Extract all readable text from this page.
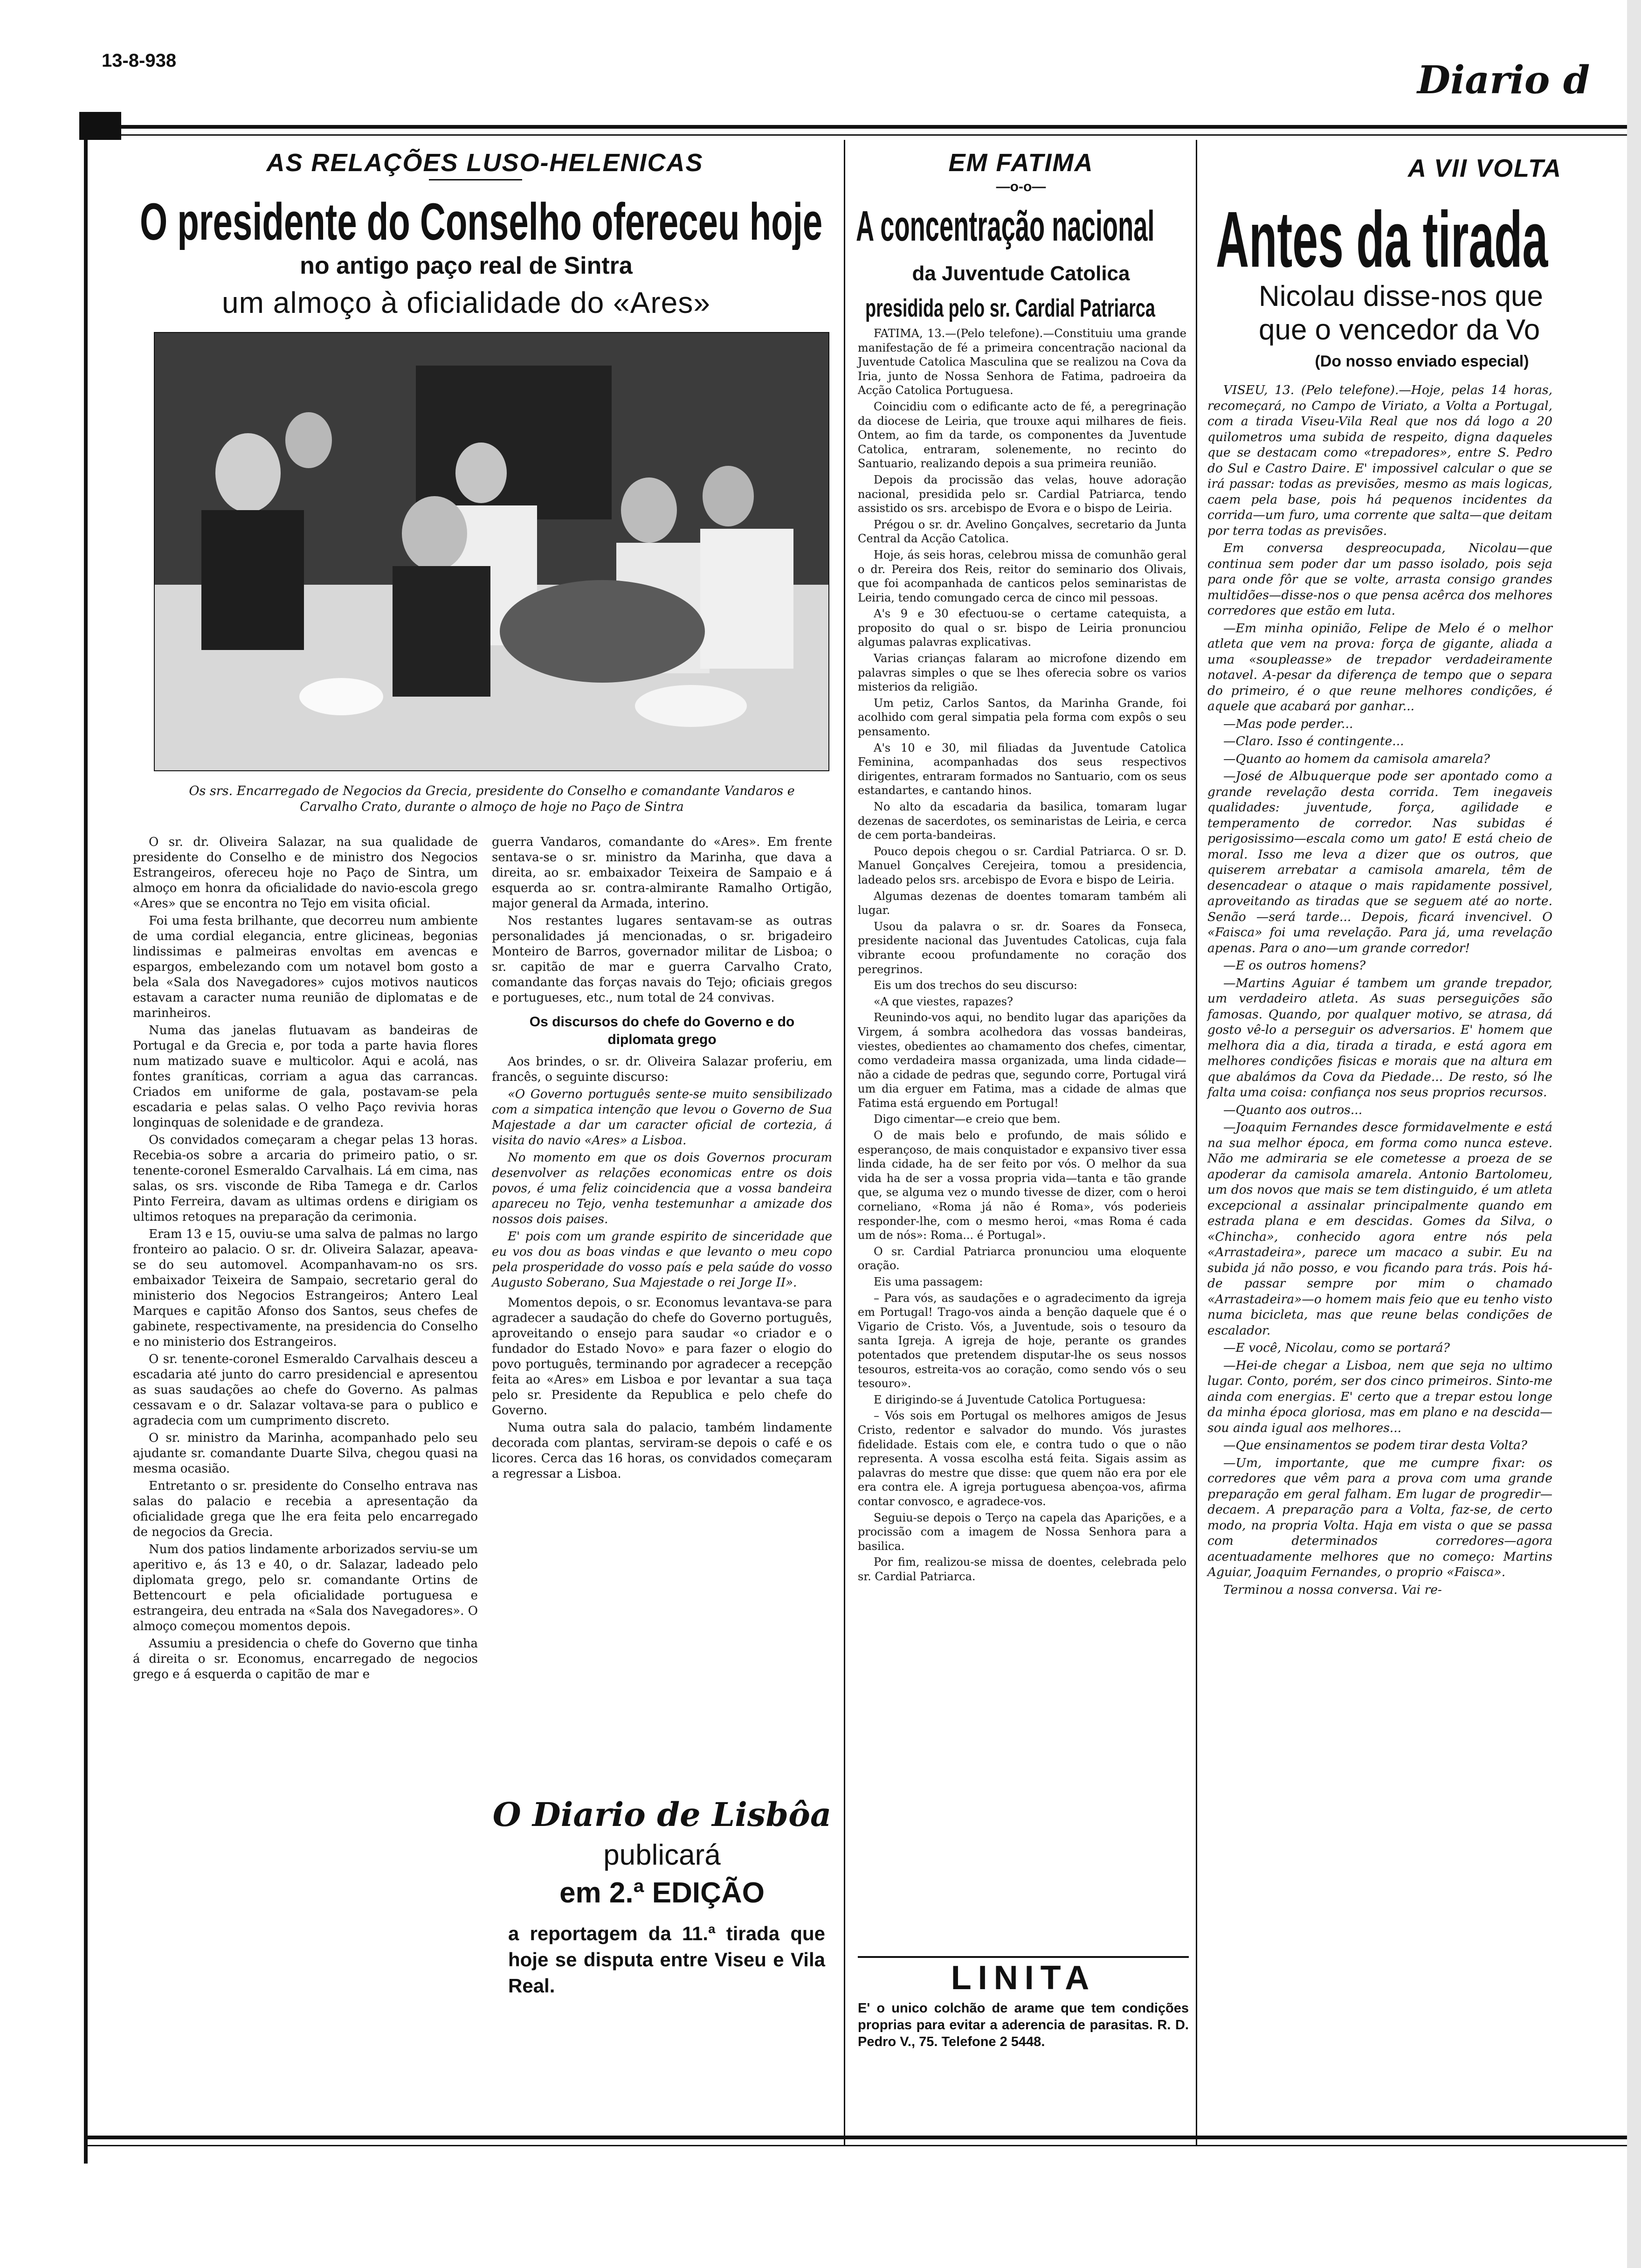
13-8-938	Diario d
AS RELAÇÕES LUSO-HELENICAS
O presidente do Conselho ofereceu hoje
no antigo paço real de Sintra
um almoço à oficialidade do «Ares»
Os srs. Encarregado de Negocios da Grecia, presidente do Conselho e comandante Vandaros e Carvalho Crato, durante o almoço de hoje no Paço de Sintra

O sr. dr. Oliveira Salazar, na sua qualidade de presidente do Conselho e de ministro dos Negocios Estrangeiros, ofereceu hoje no Paço de Sintra, um almoço em honra da oficialidade do navio-escola grego «Ares» que se encontra no Tejo em visita oficial.

Foi uma festa brilhante, que decorreu num ambiente de uma cordial elegancia, entre glicineas, begonias lindissimas e palmeiras envoltas em avencas e espargos, embelezando com um notavel bom gosto a bela «Sala dos Navegadores» cujos motivos nauticos estavam a caracter numa reunião de diplomatas e de marinheiros.

Numa das janelas flutuavam as bandeiras de Portugal e da Grecia e, por toda a parte havia flores num matizado suave e multicolor. Aqui e acolá, nas fontes graníticas, corriam a agua das carrancas. Criados em uniforme de gala, postavam-se pela escadaria e pelas salas. O velho Paço revivia horas longinquas de solenidade e de grandeza.

Os convidados começaram a chegar pelas 13 horas. Recebia-os sobre a arcaria do primeiro patio, o sr. tenente-coronel Esmeraldo Carvalhais. Lá em cima, nas salas, os srs. visconde de Riba Tamega e dr. Carlos Pinto Ferreira, davam as ultimas ordens e dirigiam os ultimos retoques na preparação da cerimonia.

Eram 13 e 15, ouviu-se uma salva de palmas no largo fronteiro ao palacio. O sr. dr. Oliveira Salazar, apeava-se do seu automovel. Acompanhavam-no os srs. embaixador Teixeira de Sampaio, secretario geral do ministerio dos Negocios Estrangeiros; Antero Leal Marques e capitão Afonso dos Santos, seus chefes de gabinete, respectivamente, na presidencia do Conselho e no ministerio dos Estrangeiros.

O sr. tenente-coronel Esmeraldo Carvalhais desceu a escadaria até junto do carro presidencial e apresentou as suas saudações ao chefe do Governo. As palmas cessavam e o dr. Salazar voltava-se para o publico e agradecia com um cumprimento discreto.

O sr. ministro da Marinha, acompanhado pelo seu ajudante sr. comandante Duarte Silva, chegou quasi na mesma ocasião.

Entretanto o sr. presidente do Conselho entrava nas salas do palacio e recebia a apresentação da oficialidade grega que lhe era feita pelo encarregado de negocios da Grecia.

Num dos patios lindamente arborizados serviu-se um aperitivo e, ás 13 e 40, o dr. Salazar, ladeado pelo diplomata grego, pelo sr. comandante Ortins de Bettencourt e pela oficialidade portuguesa e estrangeira, deu entrada na «Sala dos Navegadores». O almoço começou momentos depois.

Assumiu a presidencia o chefe do Governo que tinha á direita o sr. Economus, encarregado de negocios grego e á esquerda o capitão de mar e

guerra Vandaros, comandante do «Ares». Em frente sentava-se o sr. ministro da Marinha, que dava a direita, ao sr. embaixador Teixeira de Sampaio e á esquerda ao sr. contra-almirante Ramalho Ortigão, major general da Armada, interino.

Nos restantes lugares sentavam-se as outras personalidades já mencionadas, o sr. brigadeiro Monteiro de Barros, governador militar de Lisboa; o sr. capitão de mar e guerra Carvalho Crato, comandante das forças navais do Tejo; oficiais gregos e portugueses, etc., num total de 24 convivas.

Os discursos do chefe do Governo e do diplomata grego

Aos brindes, o sr. dr. Oliveira Salazar proferiu, em francês, o seguinte discurso:

«O Governo português sente-se muito sensibilizado com a simpatica intenção que levou o Governo de Sua Majestade a dar um caracter oficial de cortezia, á visita do navio «Ares» a Lisboa.

No momento em que os dois Governos procuram desenvolver as relações economicas entre os dois povos, é uma feliz coincidencia que a vossa bandeira apareceu no Tejo, venha testemunhar a amizade dos nossos dois paises.

E' pois com um grande espirito de sinceridade que eu vos dou as boas vindas e que levanto o meu copo pela prosperidade do vosso país e pela saúde do vosso Augusto Soberano, Sua Majestade o rei Jorge II».

Momentos depois, o sr. Economus levantava-se para agradecer a saudação do chefe do Governo português, aproveitando o ensejo para saudar «o criador e o fundador do Estado Novo» e para fazer o elogio do povo português, terminando por agradecer a recepção feita ao «Ares» em Lisboa e por levantar a sua taça pelo sr. Presidente da Republica e pelo chefe do Governo.

Numa outra sala do palacio, também lindamente decorada com plantas, serviram-se depois o café e os licores. Cerca das 16 horas, os convidados começaram a regressar a Lisboa.

O Diario de Lisbôa
publicará
em 2.ª EDIÇÃO
a reportagem da 11.ª tirada que hoje se disputa entre Viseu e Vila Real.
EM FATIMA
—o-o—
A concentração nacional
da Juventude Catolica
presidida pelo sr. Cardial Patriarca

FATIMA, 13.—(Pelo telefone).—Constituiu uma grande manifestação de fé a primeira concentração nacional da Juventude Catolica Masculina que se realizou na Cova da Iria, junto de Nossa Senhora de Fatima, padroeira da Acção Catolica Portuguesa.

Coincidiu com o edificante acto de fé, a peregrinação da diocese de Leiria, que trouxe aqui milhares de fieis. Ontem, ao fim da tarde, os componentes da Juventude Catolica, entraram, solenemente, no recinto do Santuario, realizando depois a sua primeira reunião.

Depois da procissão das velas, houve adoração nacional, presidida pelo sr. Cardial Patriarca, tendo assistido os srs. arcebispo de Evora e o bispo de Leiria.

Prégou o sr. dr. Avelino Gonçalves, secretario da Junta Central da Acção Catolica.

Hoje, ás seis horas, celebrou missa de comunhão geral o dr. Pereira dos Reis, reitor do seminario dos Olivais, que foi acompanhada de canticos pelos seminaristas de Leiria, tendo comungado cerca de cinco mil pessoas.

A's 9 e 30 efectuou-se o certame catequista, a proposito do qual o sr. bispo de Leiria pronunciou algumas palavras explicativas.

Varias crianças falaram ao microfone dizendo em palavras simples o que se lhes oferecia sobre os varios misterios da religião.

Um petiz, Carlos Santos, da Marinha Grande, foi acolhido com geral simpatia pela forma com expôs o seu pensamento.

A's 10 e 30, mil filiadas da Juventude Catolica Feminina, acompanhadas dos seus respectivos dirigentes, entraram formados no Santuario, com os seus estandartes, e cantando hinos.

No alto da escadaria da basilica, tomaram lugar dezenas de sacerdotes, os seminaristas de Leiria, e cerca de cem porta-bandeiras.

Pouco depois chegou o sr. Cardial Patriarca. O sr. D. Manuel Gonçalves Cerejeira, tomou a presidencia, ladeado pelos srs. arcebispo de Evora e bispo de Leiria.

Algumas dezenas de doentes tomaram também ali lugar.

Usou da palavra o sr. dr. Soares da Fonseca, presidente nacional das Juventudes Catolicas, cuja fala vibrante ecoou profundamente no coração dos peregrinos.

Eis um dos trechos do seu discurso:

«A que viestes, rapazes?

Reunindo-vos aqui, no bendito lugar das aparições da Virgem, á sombra acolhedora das vossas bandeiras, viestes, obedientes ao chamamento dos chefes, cimentar, como verdadeira massa organizada, uma linda cidade—não a cidade de pedras que, segundo corre, Portugal virá um dia erguer em Fatima, mas a cidade de almas que Fatima está erguendo em Portugal!

Digo cimentar—e creio que bem.

O de mais belo e profundo, de mais sólido e esperançoso, de mais conquistador e expansivo tiver essa linda cidade, ha de ser feito por vós. O melhor da sua vida ha de ser a vossa propria vida—tanta e tão grande que, se alguma vez o mundo tivesse de dizer, com o heroi corneliano, «Roma já não é Roma», vós poderieis responder-lhe, com o mesmo heroi, «mas Roma é cada um de nós»: Roma... é Portugal».

O sr. Cardial Patriarca pronunciou uma eloquente oração.

Eis uma passagem:

– Para vós, as saudações e o agradecimento da igreja em Portugal! Trago-vos ainda a benção daquele que é o Vigario de Cristo. Vós, a Juventude, sois o tesouro da santa Igreja. A igreja de hoje, perante os grandes potentados que pretendem disputar-lhe os seus nossos tesouros, estreita-vos ao coração, como sendo vós o seu tesouro».

E dirigindo-se á Juventude Catolica Portuguesa:

– Vós sois em Portugal os melhores amigos de Jesus Cristo, redentor e salvador do mundo. Vós jurastes fidelidade. Estais com ele, e contra tudo o que o não representa. A vossa escolha está feita. Sigais assim as palavras do mestre que disse: que quem não era por ele era contra ele. A igreja portuguesa abençoa-vos, afirma contar convosco, e agradece-vos.

Seguiu-se depois o Terço na capela das Aparições, e a procissão com a imagem de Nossa Senhora para a basilica.

Por fim, realizou-se missa de doentes, celebrada pelo sr. Cardial Patriarca.

LINITA
E' o unico colchão de arame que tem condições proprias para evitar a aderencia de parasitas. R. D. Pedro V., 75. Telefone 2 5448.
A VII VOLTA
Antes da tirada
Nicolau disse-nos que
que o vencedor da Vo
(Do nosso enviado especial)

VISEU, 13. (Pelo telefone).—Hoje, pelas 14 horas, recomeçará, no Campo de Viriato, a Volta a Portugal, com a tirada Viseu-Vila Real que nos dá logo a 20 quilometros uma subida de respeito, digna daqueles que se destacam como «trepadores», entre S. Pedro do Sul e Castro Daire. E' impossivel calcular o que se irá passar: todas as previsões, mesmo as mais logicas, caem pela base, pois há pequenos incidentes da corrida—um furo, uma corrente que salta—que deitam por terra todas as previsões.

Em conversa despreocupada, Nicolau—que continua sem poder dar um passo isolado, pois seja para onde fôr que se volte, arrasta consigo grandes multidões—disse-nos o que pensa acêrca dos melhores corredores que estão em luta.

—Em minha opinião, Felipe de Melo é o melhor atleta que vem na prova: força de gigante, aliada a uma «soupleasse» de trepador verdadeiramente notavel. A-pesar da diferença de tempo que o separa do primeiro, é o que reune melhores condições, é aquele que acabará por ganhar...

—Mas pode perder...

—Claro. Isso é contingente...

—Quanto ao homem da camisola amarela?

—José de Albuquerque pode ser apontado como a grande revelação desta corrida. Tem inegaveis qualidades: juventude, força, agilidade e temperamento de corredor. Nas subidas é perigosissimo—escala como um gato! E está cheio de moral. Isso me leva a dizer que os outros, que quiserem arrebatar a camisola amarela, têm de desencadear o ataque o mais rapidamente possivel, aproveitando as tiradas que se seguem até ao norte. Senão —será tarde... Depois, ficará invencivel. O «Faisca» foi uma revelação. Para já, uma revelação apenas. Para o ano—um grande corredor!

—E os outros homens?

—Martins Aguiar é tambem um grande trepador, um verdadeiro atleta. As suas perseguições são famosas. Quando, por qualquer motivo, se atrasa, dá gosto vê-lo a perseguir os adversarios. E' homem que melhora dia a dia, tirada a tirada, e está agora em melhores condições fisicas e morais que na altura em que abalámos da Cova da Piedade... De resto, só lhe falta uma coisa: confiança nos seus proprios recursos.

—Quanto aos outros...

—Joaquim Fernandes desce formidavelmente e está na sua melhor época, em forma como nunca esteve. Não me admiraria se ele cometesse a proeza de se apoderar da camisola amarela. Antonio Bartolomeu, um dos novos que mais se tem distinguido, é um atleta excepcional a assinalar principalmente quando em estrada plana e em descidas. Gomes da Silva, o «Chincha», conhecido agora entre nós pela «Arrastadeira», parece um macaco a subir. Eu na subida já não posso, e vou ficando para trás. Pois há-de passar sempre por mim o chamado «Arrastadeira»—o homem mais feio que eu tenho visto numa bicicleta, mas que reune belas condições de escalador.

—E você, Nicolau, como se portará?

—Hei-de chegar a Lisboa, nem que seja no ultimo lugar. Conto, porém, ser dos cinco primeiros. Sinto-me ainda com energias. E' certo que a trepar estou longe da minha época gloriosa, mas em plano e na descida—sou ainda igual aos melhores...

—Que ensinamentos se podem tirar desta Volta?

—Um, importante, que me cumpre fixar: os corredores que vêm para a prova com uma grande preparação em geral falham. Em lugar de progredir—decaem. A preparação para a Volta, faz-se, de certo modo, na propria Volta. Haja em vista o que se passa com determinados corredores—agora acentuadamente melhores que no começo: Martins Aguiar, Joaquim Fernandes, o proprio «Faisca».

Terminou a nossa conversa. Vai re-
